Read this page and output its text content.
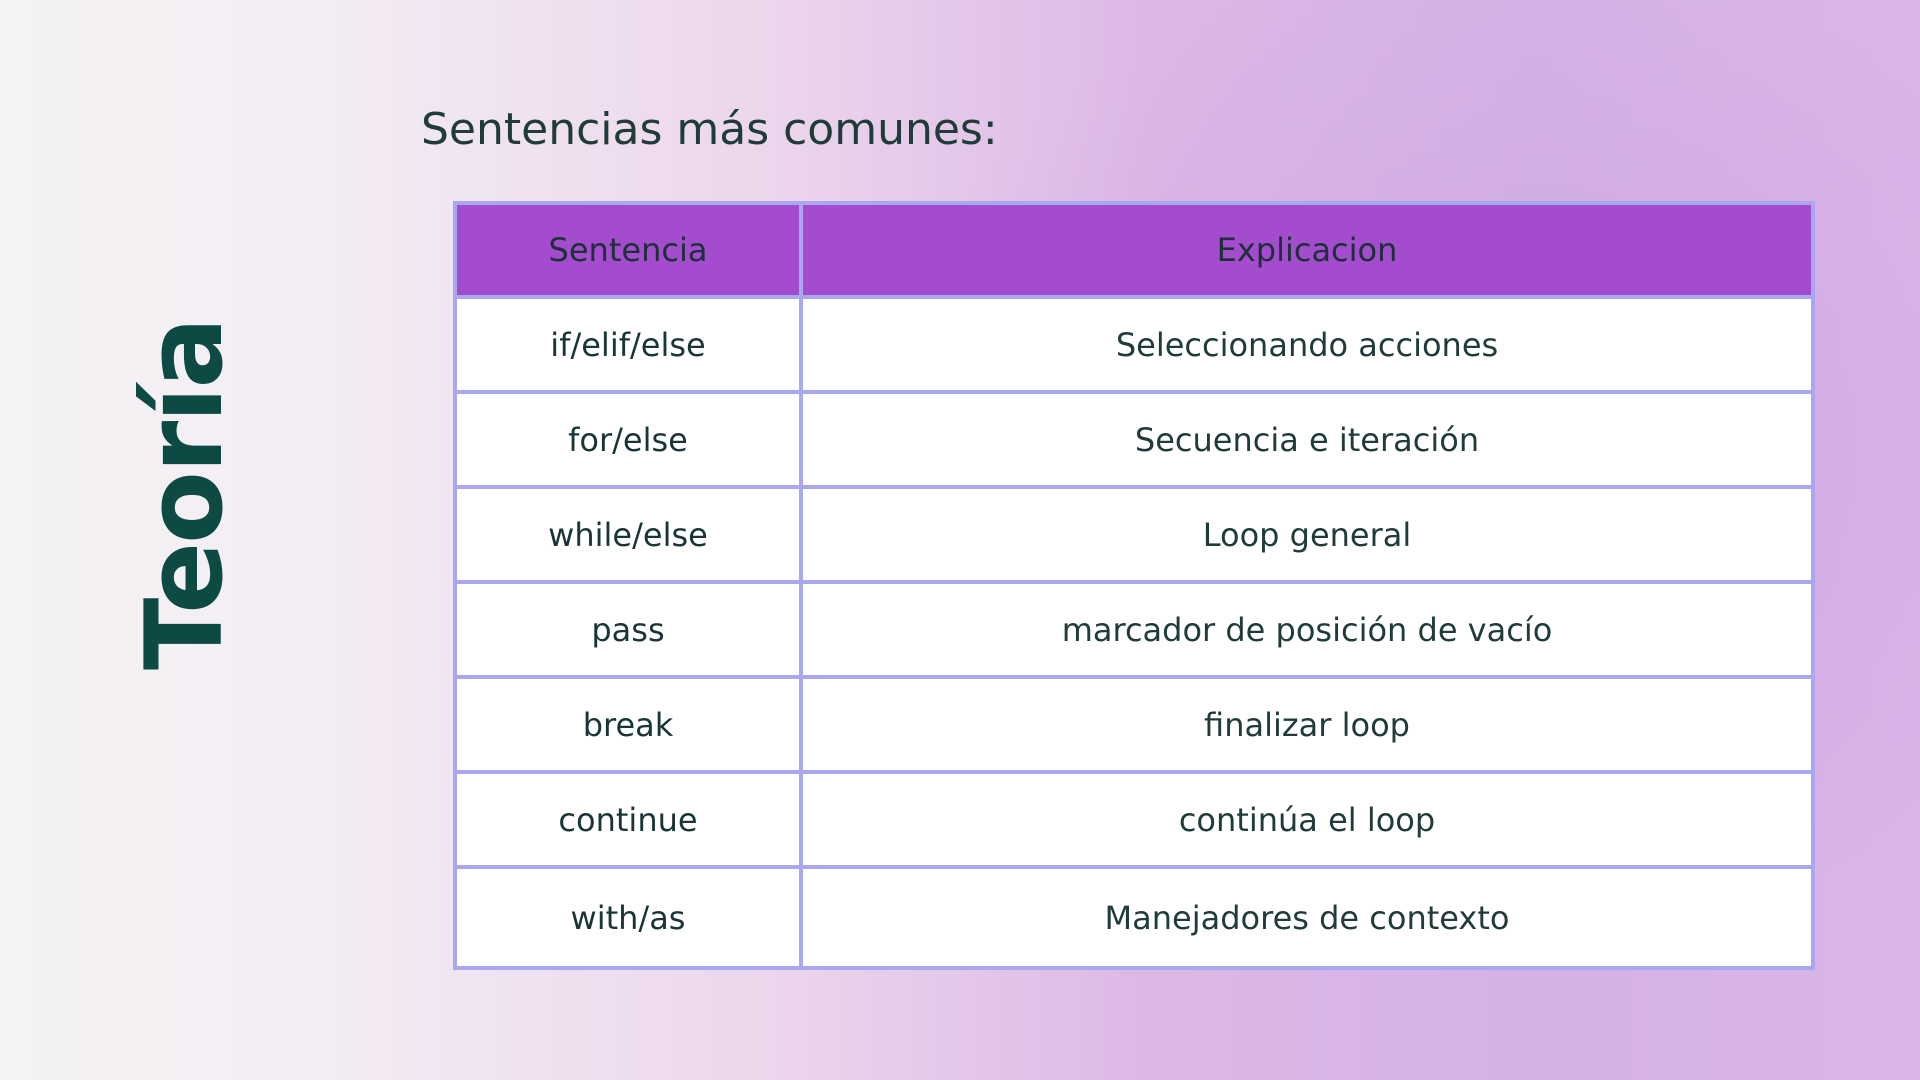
Teoría
Sentencias más comunes:
Sentencia	Explicacion
if/elif/else	Seleccionando acciones
for/else	Secuencia e iteración
while/else	Loop general
pass	marcador de posición de vacío
break	finalizar loop
continue	continúa el loop
with/as	Manejadores de contexto
